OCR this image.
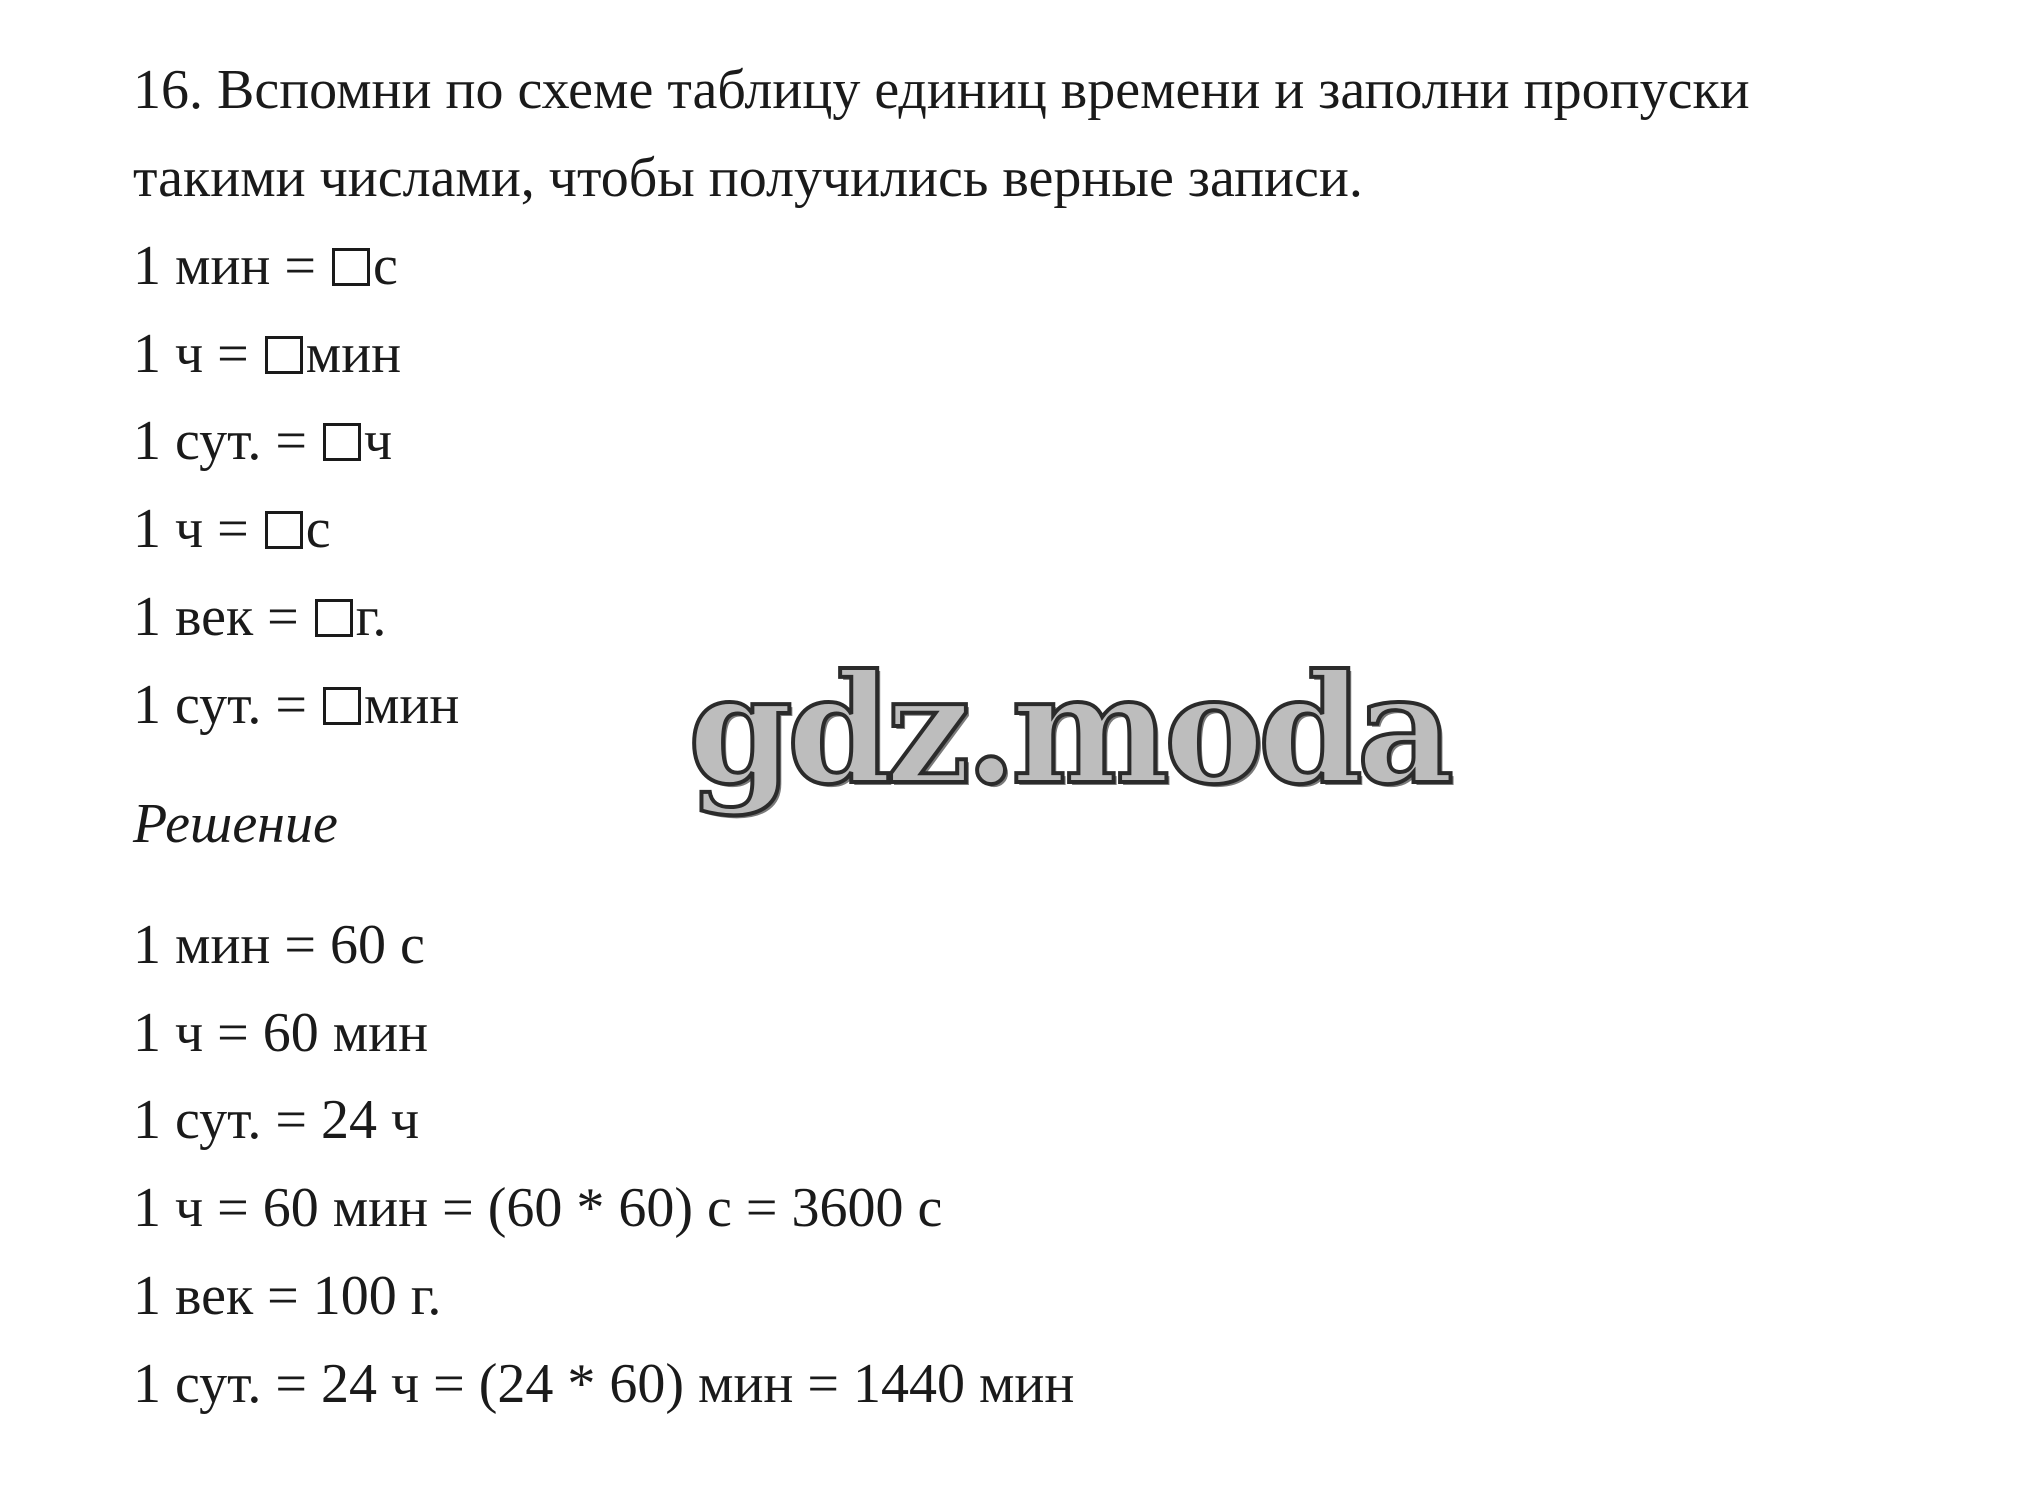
16. Вспомни по схеме таблицу единиц времени и заполни пропуски
такими числами, чтобы получились верные записи.
1 мин = с
1 ч = мин
1 сут. = ч
1 ч = с
1 век = г.
1 сут. = мин gdz.moda
Решение
1 мин = 60 с
1 ч = 60 мин
1 сут. = 24 ч
1 ч = 60 мин = (60 * 60) с = 3600 с
1 век = 100 г.
1 сут. = 24 ч = (24 * 60) мин = 1440 мин
